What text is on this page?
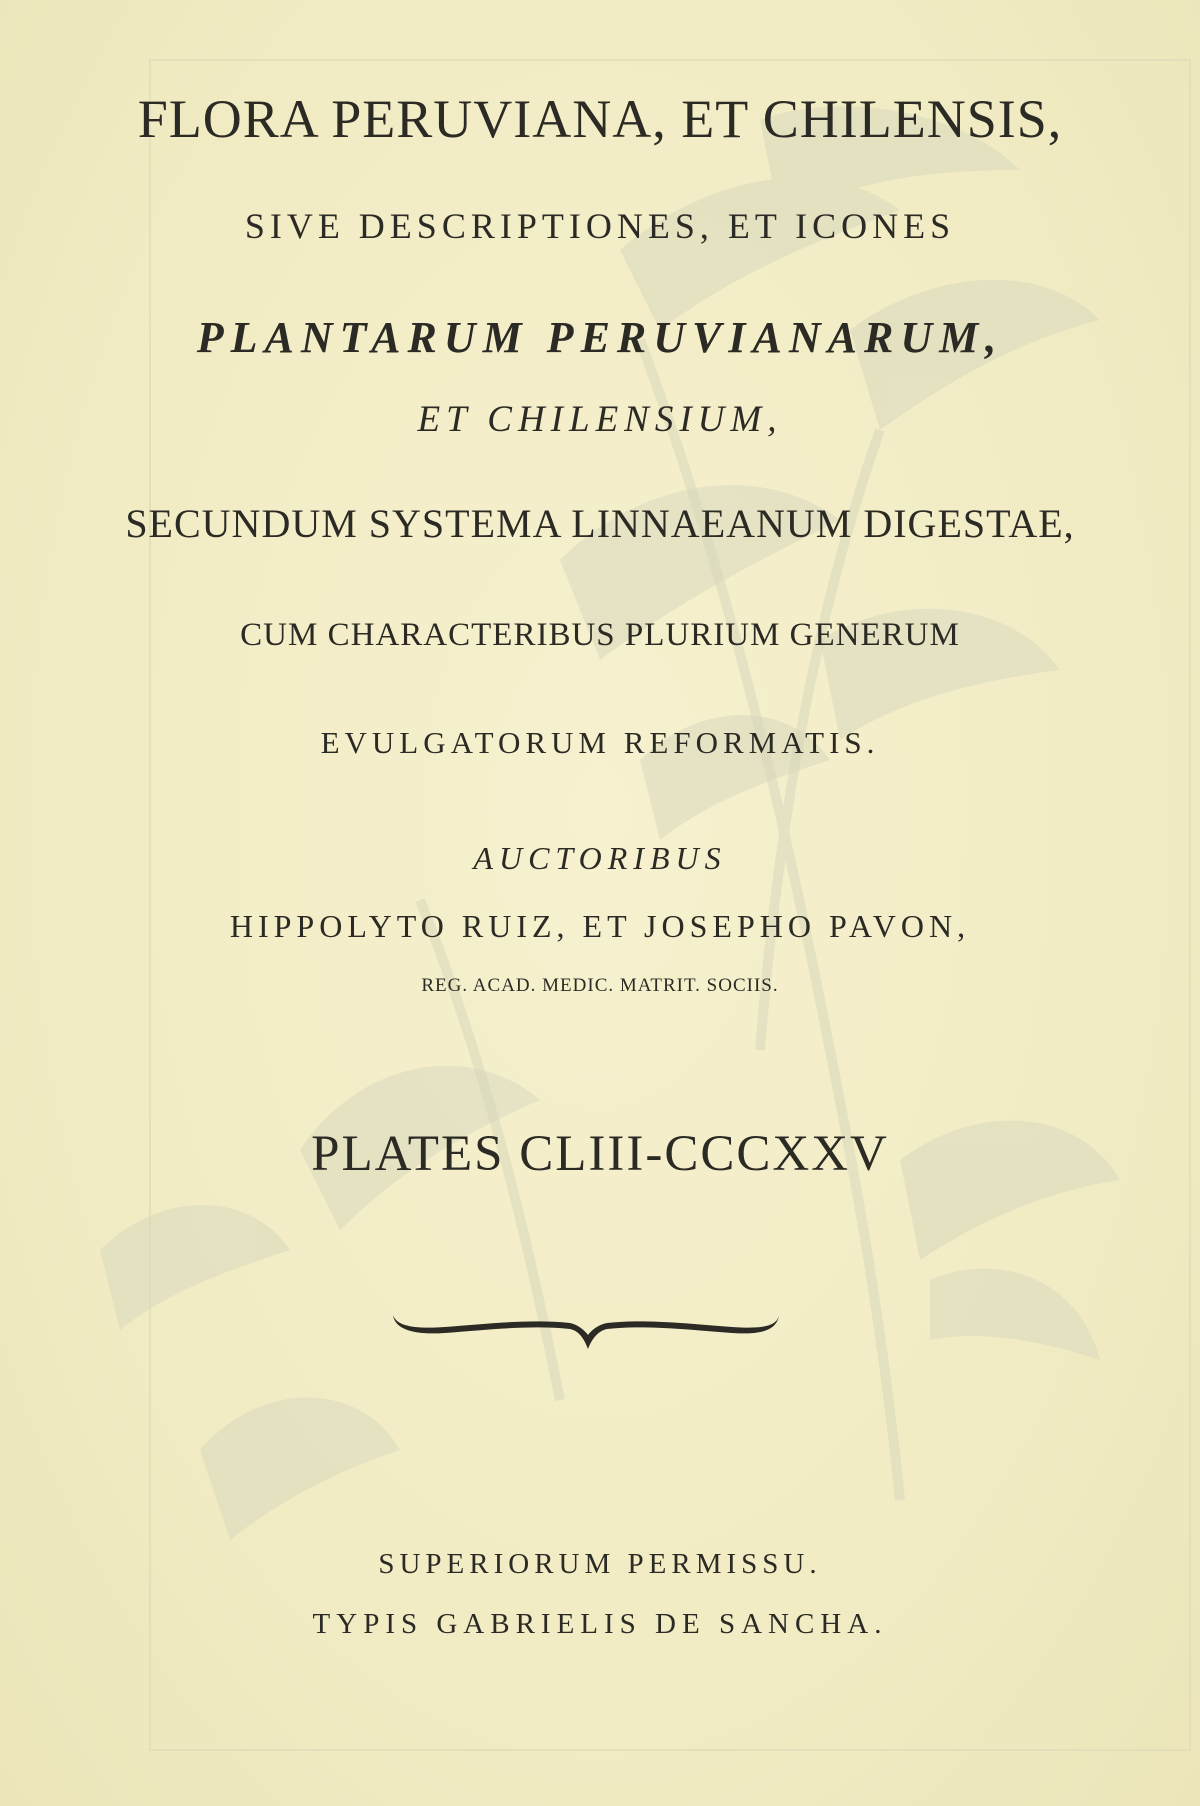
FLORA PERUVIANA, ET CHILENSIS,
SIVE DESCRIPTIONES, ET ICONES
PLANTARUM PERUVIANARUM,
ET CHILENSIUM,
SECUNDUM SYSTEMA LINNAEANUM DIGESTAE,
CUM CHARACTERIBUS PLURIUM GENERUM
EVULGATORUM REFORMATIS.
AUCTORIBUS
HIPPOLYTO RUIZ, ET JOSEPHO PAVON,
REG. ACAD. MEDIC. MATRIT. SOCIIS.
PLATES CLIII-CCCXXV
SUPERIORUM PERMISSU.
TYPIS GABRIELIS DE SANCHA.
